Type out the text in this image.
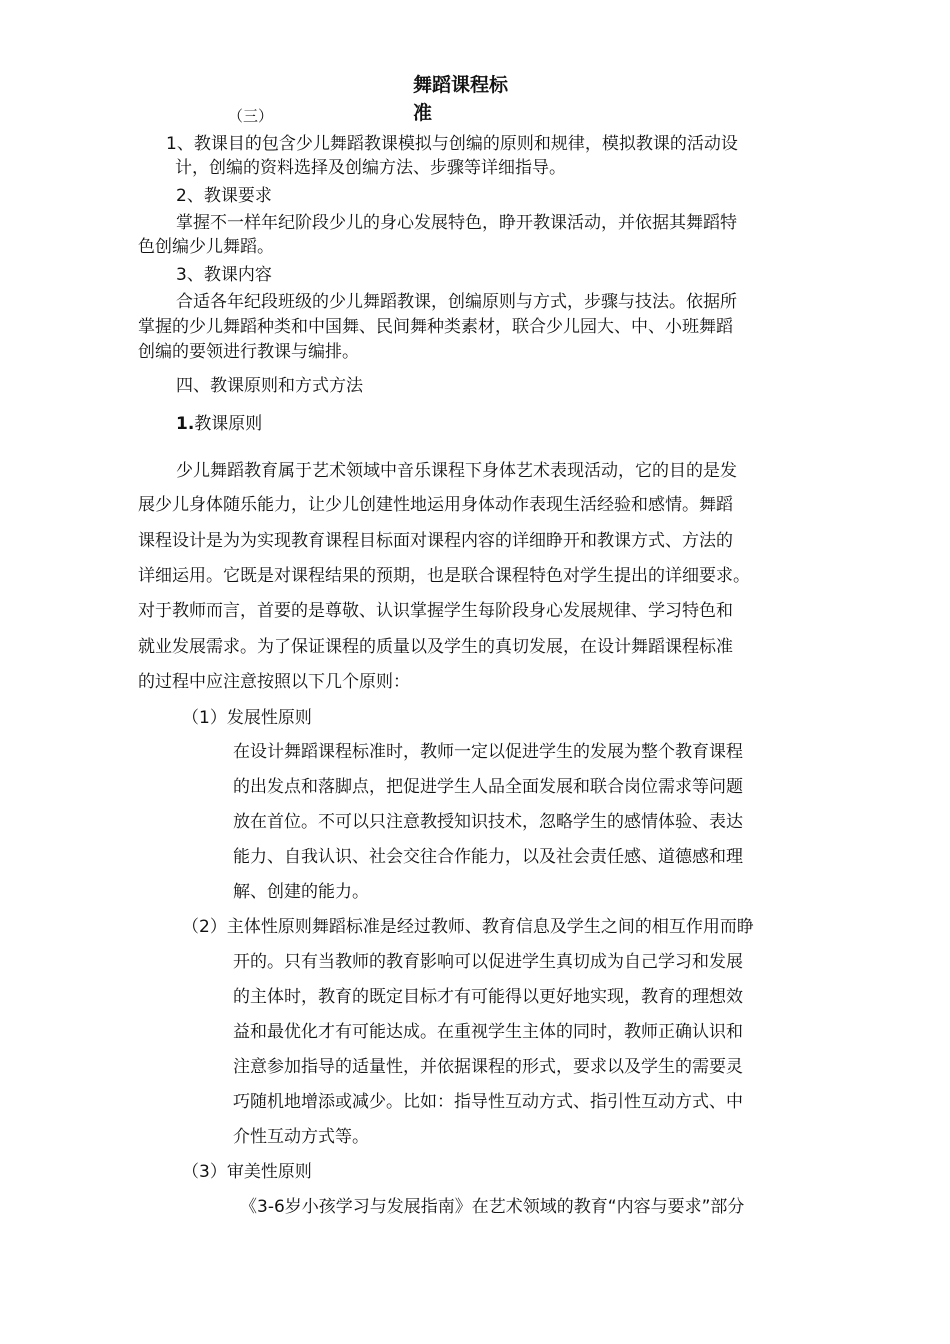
舞蹈课程标
准
（三）
1、教课目的包含少儿舞蹈教课模拟与创编的原则和规律，模拟教课的活动设
计，创编的资料选择及创编方法、步骤等详细指导。
2、教课要求
掌握不一样年纪阶段少儿的身心发展特色，睁开教课活动，并依据其舞蹈特
色创编少儿舞蹈。
3、教课内容
合适各年纪段班级的少儿舞蹈教课，创编原则与方式，步骤与技法。依据所
掌握的少儿舞蹈种类和中国舞、民间舞种类素材，联合少儿园大、中、小班舞蹈
创编的要领进行教课与编排。
四、教课原则和方式方法
1.教课原则
少儿舞蹈教育属于艺术领域中音乐课程下身体艺术表现活动，它的目的是发
展少儿身体随乐能力，让少儿创建性地运用身体动作表现生活经验和感情。舞蹈
课程设计是为为实现教育课程目标面对课程内容的详细睁开和教课方式、方法的
详细运用。它既是对课程结果的预期，也是联合课程特色对学生提出的详细要求。
对于教师而言，首要的是尊敬、认识掌握学生每阶段身心发展规律、学习特色和
就业发展需求。为了保证课程的质量以及学生的真切发展，在设计舞蹈课程标准
的过程中应注意按照以下几个原则：
（1）发展性原则
在设计舞蹈课程标准时，教师一定以促进学生的发展为整个教育课程
的出发点和落脚点，把促进学生人品全面发展和联合岗位需求等问题
放在首位。不可以只注意教授知识技术，忽略学生的感情体验、表达
能力、自我认识、社会交往合作能力，以及社会责任感、道德感和理
解、创建的能力。
（2）主体性原则舞蹈标准是经过教师、教育信息及学生之间的相互作用而睁
开的。只有当教师的教育影响可以促进学生真切成为自己学习和发展
的主体时，教育的既定目标才有可能得以更好地实现，教育的理想效
益和最优化才有可能达成。在重视学生主体的同时，教师正确认识和
注意参加指导的适量性，并依据课程的形式，要求以及学生的需要灵
巧随机地增添或减少。比如：指导性互动方式、指引性互动方式、中
介性互动方式等。
（3）审美性原则
《3-6岁小孩学习与发展指南》在艺术领域的教育“内容与要求”部分
